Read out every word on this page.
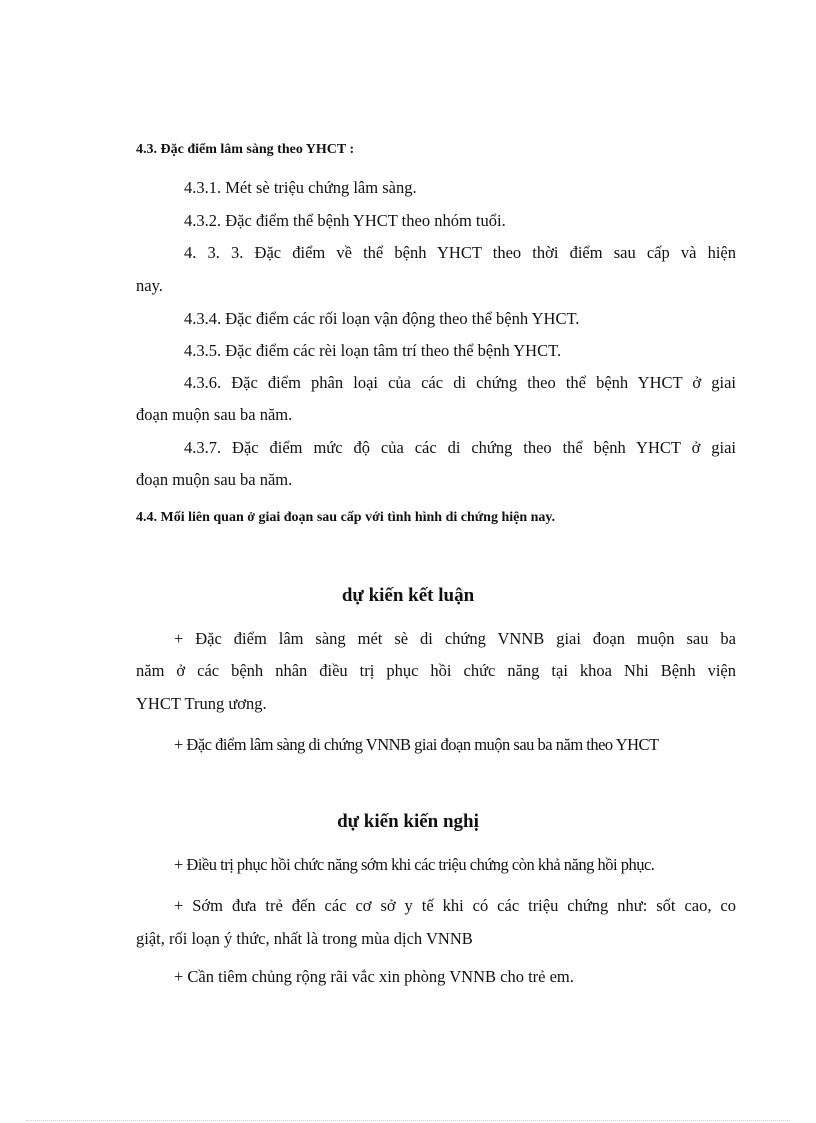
4.3. Đặc điểm lâm sàng theo YHCT :

4.3.1. Mét sè triệu chứng lâm sàng.

4.3.2. Đặc điểm thể bệnh YHCT theo nhóm tuổi.

4. 3. 3. Đặc điểm về thể bệnh YHCT theo thời điểm sau cấp và hiện

nay.

4.3.4. Đặc điểm các rối loạn vận động theo thể bệnh YHCT.

4.3.5. Đặc điểm các rèi loạn tâm trí theo thể bệnh YHCT.

4.3.6. Đặc điểm phân loại của các di chứng theo thể bệnh YHCT ở giai

đoạn muộn sau ba năm.

4.3.7. Đặc điểm mức độ của các di chứng theo thể bệnh YHCT ở giai

đoạn muộn sau ba năm.

4.4. Mối liên quan ở giai đoạn sau cấp với tình hình di chứng hiện nay.

dự kiến kết luận

+ Đặc điểm lâm sàng mét sè di chứng VNNB giai đoạn muộn sau ba

năm ở các bệnh nhân điều trị phục hồi chức năng tại khoa Nhi Bệnh viện

YHCT Trung ương.

+ Đặc điểm lâm sàng di chứng VNNB giai đoạn muộn sau ba năm theo YHCT

dự kiến kiến nghị

+ Điều trị phục hồi chức năng sớm khi các triệu chứng còn khả năng hồi phục.

+ Sớm đưa trẻ đến các cơ sở y tế khi có các triệu chứng như: sốt cao, co

giật, rối loạn ý thức, nhất là trong mùa dịch VNNB

+ Cần tiêm chủng rộng rãi vắc xin phòng VNNB cho trẻ em.
